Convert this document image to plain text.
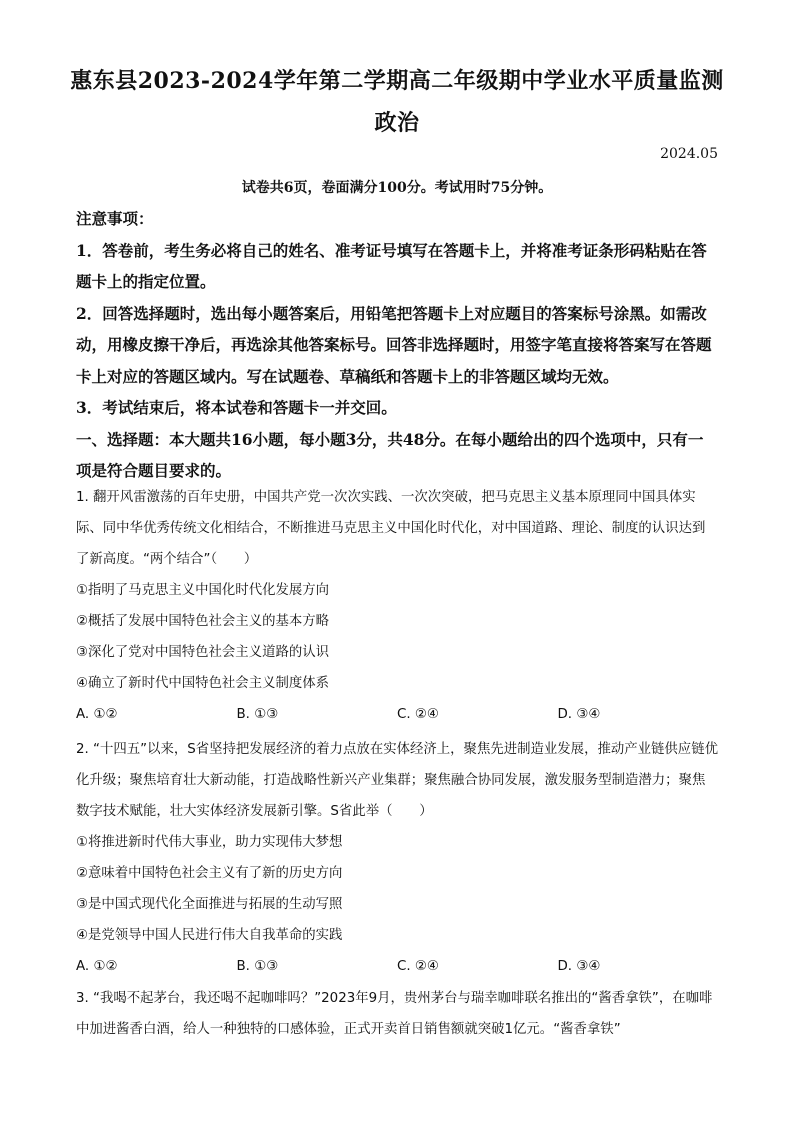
惠东县2023-2024学年第二学期高二年级期中学业水平质量监测
政治
2024.05
试卷共6页，卷面满分100分。考试用时75分钟。

注意事项：

1．答卷前，考生务必将自己的姓名、准考证号填写在答题卡上，并将准考证条形码粘贴在答题卡上的指定位置。

2．回答选择题时，选出每小题答案后，用铅笔把答题卡上对应题目的答案标号涂黑。如需改动，用橡皮擦干净后，再选涂其他答案标号。回答非选择题时，用签字笔直接将答案写在答题卡上对应的答题区域内。写在试题卷、草稿纸和答题卡上的非答题区域均无效。

3．考试结束后，将本试卷和答题卡一并交回。

一、选择题：本大题共16小题，每小题3分，共48分。在每小题给出的四个选项中，只有一项是符合题目要求的。

1. 翻开风雷激荡的百年史册，中国共产党一次次实践、一次次突破，把马克思主义基本原理同中国具体实际、同中华优秀传统文化相结合，不断推进马克思主义中国化时代化，对中国道路、理论、制度的认识达到了新高度。“两个结合”（　　）

①指明了马克思主义中国化时代化发展方向

②概括了发展中国特色社会主义的基本方略

③深化了党对中国特色社会主义道路的认识

④确立了新时代中国特色社会主义制度体系

A. ①②	B. ①③	C. ②④	D. ③④

2. “十四五”以来，S省坚持把发展经济的着力点放在实体经济上，聚焦先进制造业发展，推动产业链供应链优化升级；聚焦培育壮大新动能，打造战略性新兴产业集群；聚焦融合协同发展，激发服务型制造潜力；聚焦数字技术赋能，壮大实体经济发展新引擎。S省此举（　　）

①将推进新时代伟大事业，助力实现伟大梦想

②意味着中国特色社会主义有了新的历史方向

③是中国式现代化全面推进与拓展的生动写照

④是党领导中国人民进行伟大自我革命的实践

A. ①②	B. ①③	C. ②④	D. ③④

3. “我喝不起茅台，我还喝不起咖啡吗？”2023年9月，贵州茅台与瑞幸咖啡联名推出的“酱香拿铁”，在咖啡中加进酱香白酒，给人一种独特的口感体验，正式开卖首日销售额就突破1亿元。“酱香拿铁”
